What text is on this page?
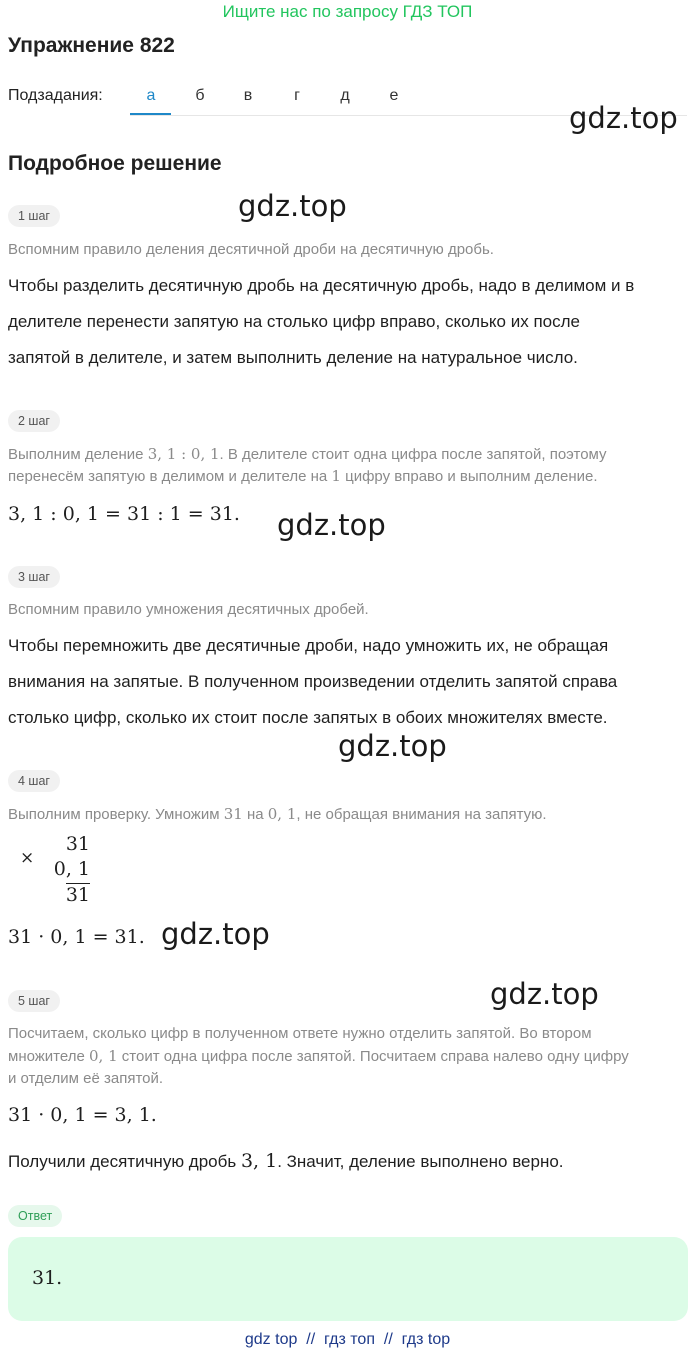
Ищите нас по запросу ГДЗ ТОП
Упражнение 822
Подзадания:	а	б	в	г	д	е
gdz.top
Подробное решение
1 шаг	gdz.top
Вспомним правило деления десятичной дроби на десятичную дробь.
Чтобы разделить десятичную дробь на десятичную дробь, надо в делимом и в
делителе перенести запятую на столько цифр вправо, сколько их после
запятой в делителе, и затем выполнить деление на натуральное число.
2 шаг
Выполним деление 3, 1 : 0, 1. В делителе стоит одна цифра после запятой, поэтому
перенесём запятую в делимом и делителе на 1 цифру вправо и выполним деление.
3, 1 : 0, 1 = 31 : 1 = 31. gdz.top
3 шаг
Вспомним правило умножения десятичных дробей.
Чтобы перемножить две десятичные дроби, надо умножить их, не обращая
внимания на запятые. В полученном произведении отделить запятой справа
столько цифр, сколько их стоит после запятых в обоих множителях вместе.
gdz.top
4 шаг
Выполним проверку. Умножим 31 на 0, 1, не обращая внимания на запятую.
×
31
0, 1
31
31 · 0, 1 = 31. gdz.top
gdz.top
5 шаг
Посчитаем, сколько цифр в полученном ответе нужно отделить запятой. Во втором
множителе 0, 1 стоит одна цифра после запятой. Посчитаем справа налево одну цифру
и отделим её запятой.
31 · 0, 1 = 3, 1.
Получили десятичную дробь 3, 1. Значит, деление выполнено верно.
Ответ
31.
gdz top  //  гдз топ  //  гдз top
